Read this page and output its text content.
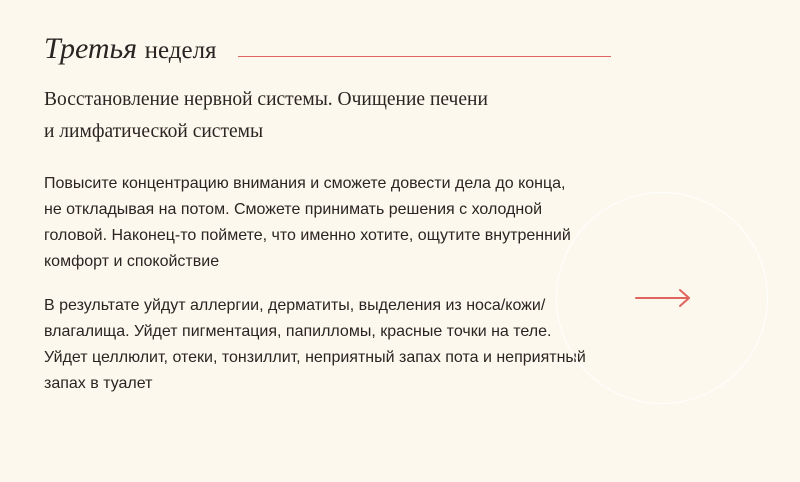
Третья неделя

Восстановление нервной системы. Очищение печени
и лимфатической системы

Повысите концентрацию внимания и сможете довести дела до конца,
не откладывая на потом. Сможете принимать решения с холодной
головой. Наконец-то поймете, что именно хотите, ощутите внутренний
комфорт и спокойствие

В результате уйдут аллергии, дерматиты, выделения из носа/кожи/
влагалища. Уйдет пигментация, папилломы, красные точки на теле.
Уйдет целлюлит, отеки, тонзиллит, неприятный запах пота и неприятный
запах в туалет
